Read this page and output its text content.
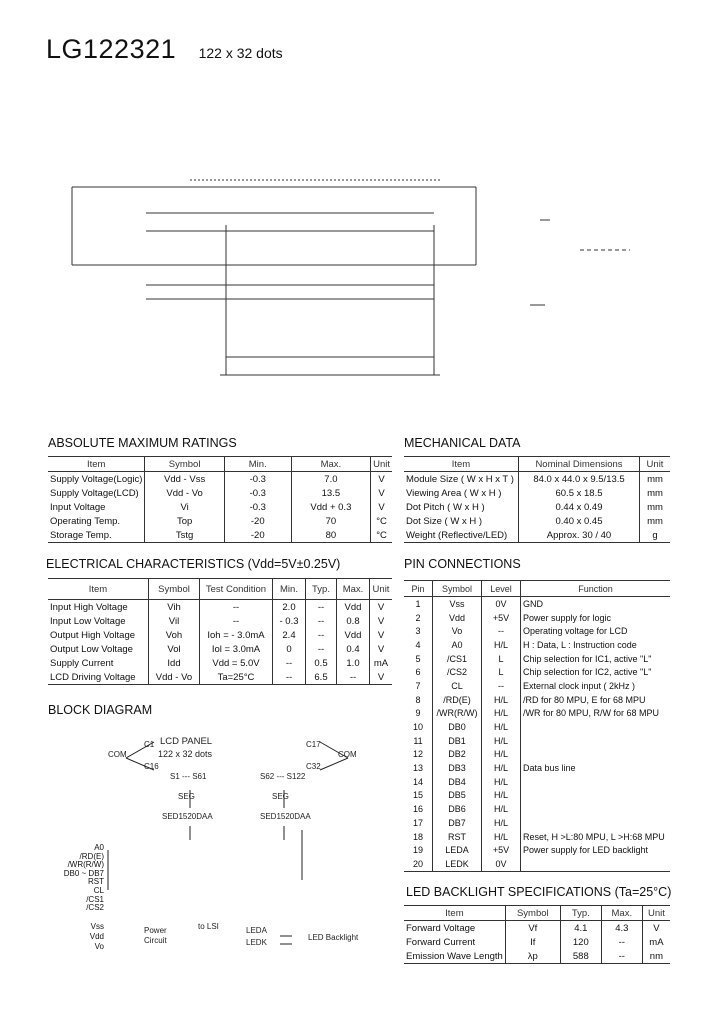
LG122321 122 x 32 dots
ABSOLUTE MAXIMUM RATINGS
Item	Symbol	Min.	Max.	Unit
Supply Voltage(Logic)	Vdd - Vss	-0.3	7.0	V
Supply Voltage(LCD)	Vdd - Vo	-0.3	13.5	V
Input Voltage	Vi	-0.3	Vdd + 0.3	V
Operating Temp.	Top	-20	70	°C
Storage Temp.	Tstg	-20	80	°C
MECHANICAL DATA
Item	Nominal Dimensions	Unit
Module Size ( W x H x T )	84.0 x 44.0 x 9.5/13.5	mm
Viewing Area ( W x H )	60.5 x 18.5	mm
Dot Pitch ( W x H )	0.44 x 0.49	mm
Dot Size ( W x H )	0.40 x 0.45	mm
Weight (Reflective/LED)	Approx. 30 / 40	g
ELECTRICAL CHARACTERISTICS (Vdd=5V±0.25V)
Item	Symbol	Test Condition	Min.	Typ.	Max.	Unit
Input High Voltage	Vih	--	2.0	--	Vdd	V
Input Low Voltage	Vil	--	- 0.3	--	0.8	V
Output High Voltage	Voh	Ioh = - 3.0mA	2.4	--	Vdd	V
Output Low Voltage	Vol	Iol = 3.0mA	0	--	0.4	V
Supply Current	Idd	Vdd = 5.0V	--	0.5	1.0	mA
LCD Driving Voltage	Vdd - Vo	Ta=25°C	--	6.5	--	V
PIN CONNECTIONS
Pin	Symbol	Level	Function
1	Vss	0V	GND
2	Vdd	+5V	Power supply for logic
3	Vo	--	Operating voltage for LCD
4	A0	H/L	H : Data, L : Instruction code
5	/CS1	L	Chip selection for IC1, active "L"
6	/CS2	L	Chip selection for IC2, active "L"
7	CL	--	External clock input ( 2kHz )
8	/RD(E)	H/L	/RD for 80 MPU, E for 68 MPU
9	/WR(R/W)	H/L	/WR for 80 MPU, R/W for 68 MPU
10	DB0	H/L	
11	DB1	H/L	
12	DB2	H/L	
13	DB3	H/L	Data bus line
14	DB4	H/L	
15	DB5	H/L	
16	DB6	H/L	
17	DB7	H/L	
18	RST	H/L	Reset, H >L:80 MPU, L >H:68 MPU
19	LEDA	+5V	Power supply for LED backlight
20	LEDK	0V	
LED BACKLIGHT SPECIFICATIONS (Ta=25°C)
Item	Symbol	Typ.	Max.	Unit
Forward Voltage	Vf	4.1	4.3	V
Forward Current	If	120	--	mA
Emission Wave Length	λp	588	--	nm
BLOCK DIAGRAM
LCD PANEL
122 x 32 dots
COM	COM
C1
C16
C17
C32
S1 --- S61	S62 --- S122
SEG	SEG
SED1520DAA	SED1520DAA
A0
/RD(E)
/WR(R/W)
DB0 ~ DB7
RST
CL
/CS1
/CS2
Vss
Vdd
Vo
Power
Circuit
to LSI	LEDA
LEDK
LED Backlight
